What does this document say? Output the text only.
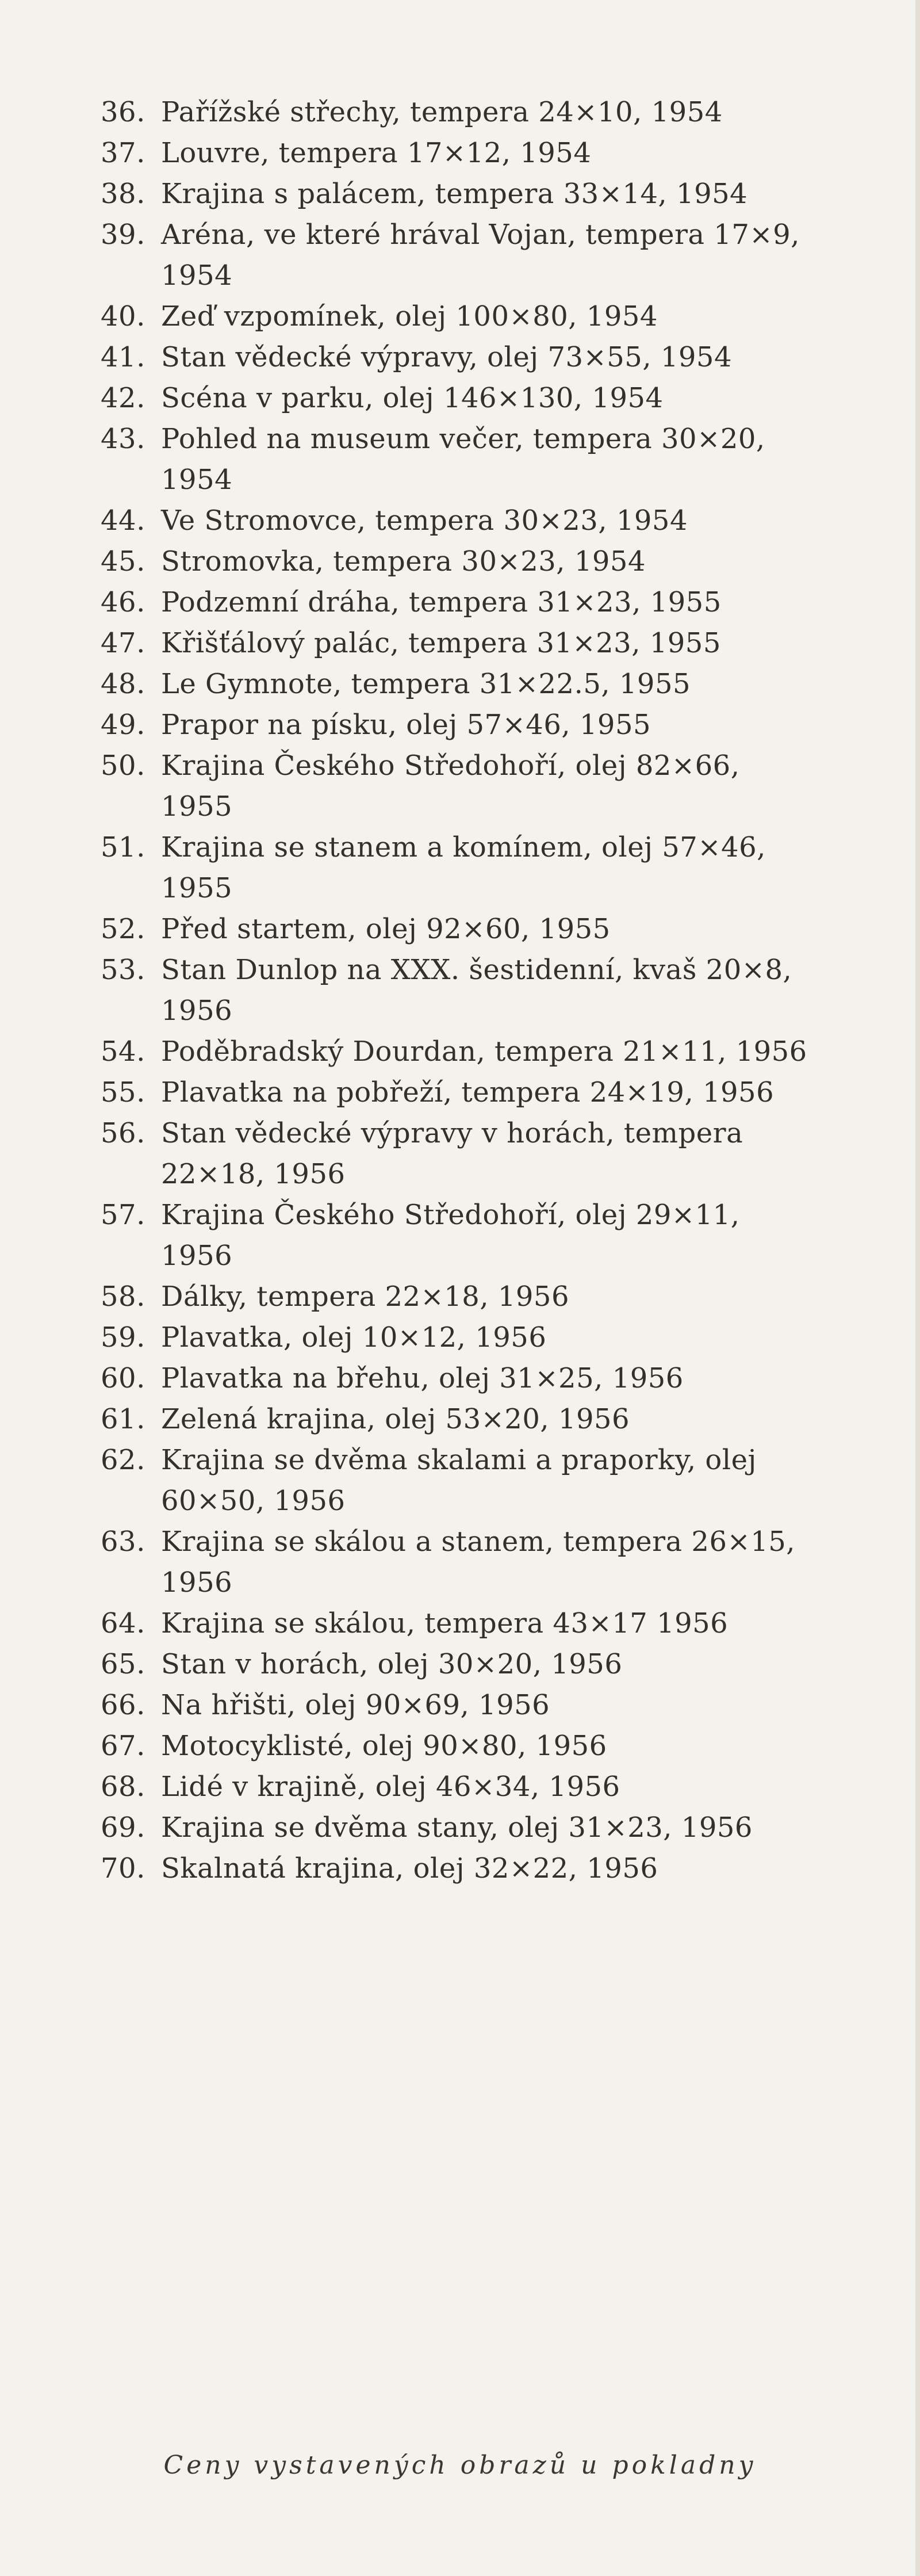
36. Pařížské střechy, tempera 24×10, 1954
37. Louvre, tempera 17×12, 1954
38. Krajina s palácem, tempera 33×14, 1954
39. Aréna, ve které hrával Vojan, tempera 17×9, 1954
40. Zeď vzpomínek, olej 100×80, 1954
41. Stan vědecké výpravy, olej 73×55, 1954
42. Scéna v parku, olej 146×130, 1954
43. Pohled na museum večer, tempera 30×20, 1954
44. Ve Stromovce, tempera 30×23, 1954
45. Stromovka, tempera 30×23, 1954
46. Podzemní dráha, tempera 31×23, 1955
47. Křišťálový palác, tempera 31×23, 1955
48. Le Gymnote, tempera 31×22.5, 1955
49. Prapor na písku, olej 57×46, 1955
50. Krajina Českého Středohoří, olej 82×66, 1955
51. Krajina se stanem a komínem, olej 57×46, 1955
52. Před startem, olej 92×60, 1955
53. Stan Dunlop na XXX. šestidenní, kvaš 20×8, 1956
54. Poděbradský Dourdan, tempera 21×11, 1956
55. Plavatka na pobřeží, tempera 24×19, 1956
56. Stan vědecké výpravy v horách, tempera 22×18, 1956
57. Krajina Českého Středohoří, olej 29×11, 1956
58. Dálky, tempera 22×18, 1956
59. Plavatka, olej 10×12, 1956
60. Plavatka na břehu, olej 31×25, 1956
61. Zelená krajina, olej 53×20, 1956
62. Krajina se dvěma skalami a praporky, olej 60×50, 1956
63. Krajina se skálou a stanem, tempera 26×15, 1956
64. Krajina se skálou, tempera 43×17 1956
65. Stan v horách, olej 30×20, 1956
66. Na hřišti, olej 90×69, 1956
67. Motocyklisté, olej 90×80, 1956
68. Lidé v krajině, olej 46×34, 1956
69. Krajina se dvěma stany, olej 31×23, 1956
70. Skalnatá krajina, olej 32×22, 1956
Ceny vystavených obrazů u pokladny
